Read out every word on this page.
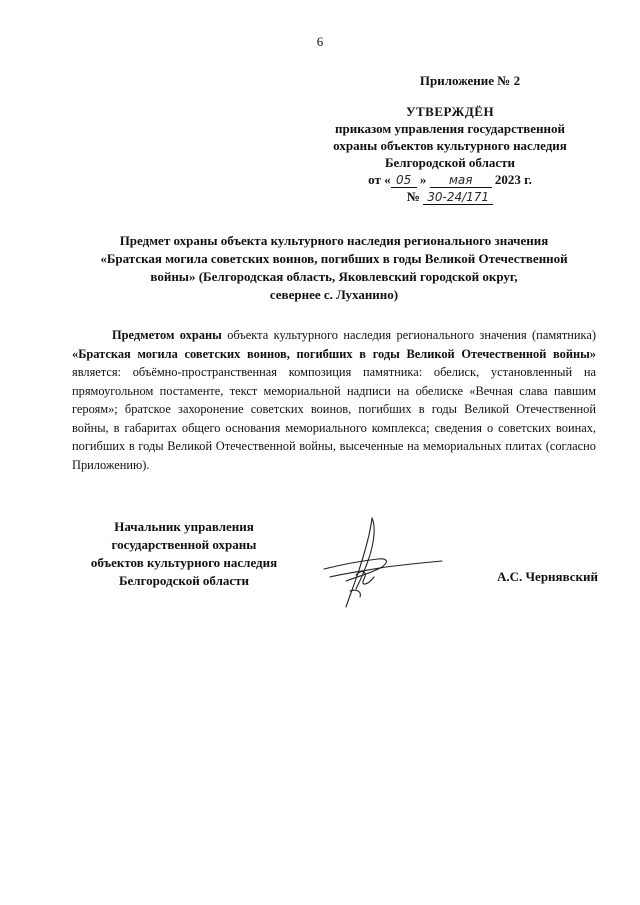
6
Приложение № 2
УТВЕРЖДЁН
приказом управления государственной
охраны объектов культурного наследия
Белгородской области
от « 05 » мая 2023 г.
№ 30-24/171
Предмет охраны объекта культурного наследия регионального значения
«Братская могила советских воинов, погибших в годы Великой Отечественной
войны» (Белгородская область, Яковлевский городской округ,
севернее с. Луханино)

Предметом охраны объекта культурного наследия регионального значения (памятника) «Братская могила советских воинов, погибших в годы Великой Отечественной войны» является: объёмно-пространственная композиция памятника: обелиск, установленный на прямоугольном постаменте, текст мемориальной надписи на обелиске «Вечная слава павшим героям»; братское захоронение советских воинов, погибших в годы Великой Отечественной войны, в габаритах общего основания мемориального комплекса; сведения о советских воинах, погибших в годы Великой Отечественной войны, высеченные на мемориальных плитах (согласно Приложению).

Начальник управления
государственной охраны
объектов культурного наследия
Белгородской области	А.С. Чернявский
